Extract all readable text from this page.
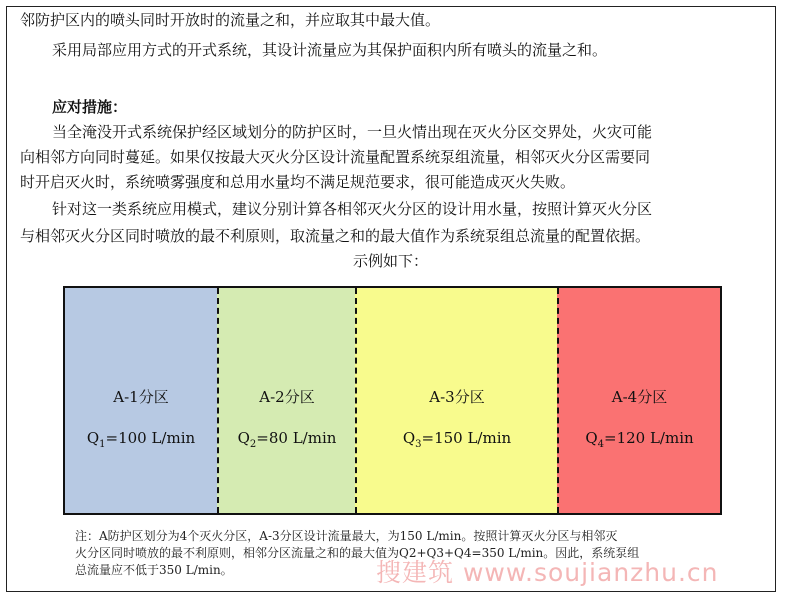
邻防护区内的喷头同时开放时的流量之和，并应取其中最大值。
采用局部应用方式的开式系统，其设计流量应为其保护面积内所有喷头的流量之和。
应对措施：
当全淹没开式系统保护经区域划分的防护区时，一旦火情出现在灭火分区交界处，火灾可能
向相邻方向同时蔓延。如果仅按最大灭火分区设计流量配置系统泵组流量，相邻灭火分区需要同
时开启灭火时，系统喷雾强度和总用水量均不满足规范要求，很可能造成灭火失败。
针对这一类系统应用模式，建议分别计算各相邻灭火分区的设计用水量，按照计算灭火分区
与相邻灭火分区同时喷放的最不利原则，取流量之和的最大值作为系统泵组总流量的配置依据。
示例如下：
A-1分区
$Q_1=100$ L/min
A-2分区
$Q_2=80$ L/min
A-3分区
$Q_3=150$ L/min
A-4分区
$Q_4=120$ L/min
注：A防护区划分为4个灭火分区，A-3分区设计流量最大，为150 L/min。按照计算灭火分区与相邻灭
火分区同时喷放的最不利原则，相邻分区流量之和的最大值为Q2+Q3+Q4=350 L/min。因此，系统泵组
总流量应不低于350 L/min。	搜建筑 www.soujianzhu.cn
